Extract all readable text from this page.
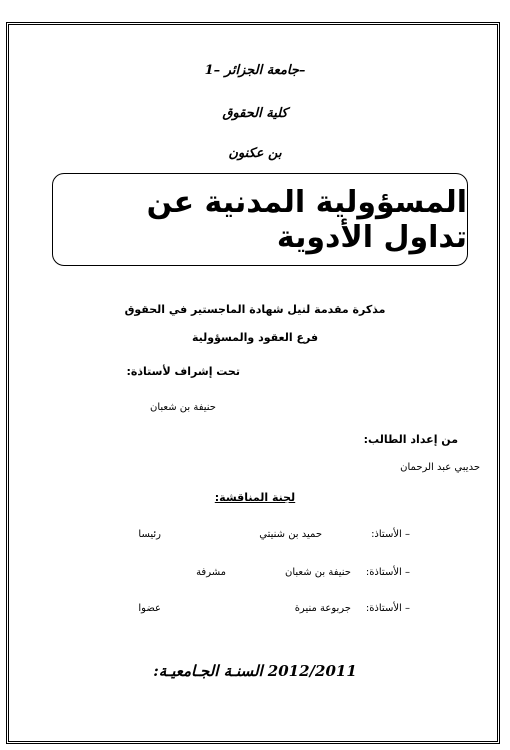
جامعة الجزائر –1–
كلية الحقوق
بن عكنون
المسؤولية المدنية عن تداول الأدوية
مذكرة مقدمة لنيل شهادة الماجستير في الحقوق
فرع العقود والمسؤولية
تحت إشراف لأستاذة:
حنيفة بن شعبان
من إعداد الطالب:
حديبي عبد الرحمان
لجنة المناقشة:
– الأستاذ:
حميد بن شنيتي
رئيسا
– الأستاذة:
حنيفة بن شعبان
مشرفة
– الأستاذة:
جربوعة منيرة
عضوا
السنـة الجـامعيـة: 2012/2011
